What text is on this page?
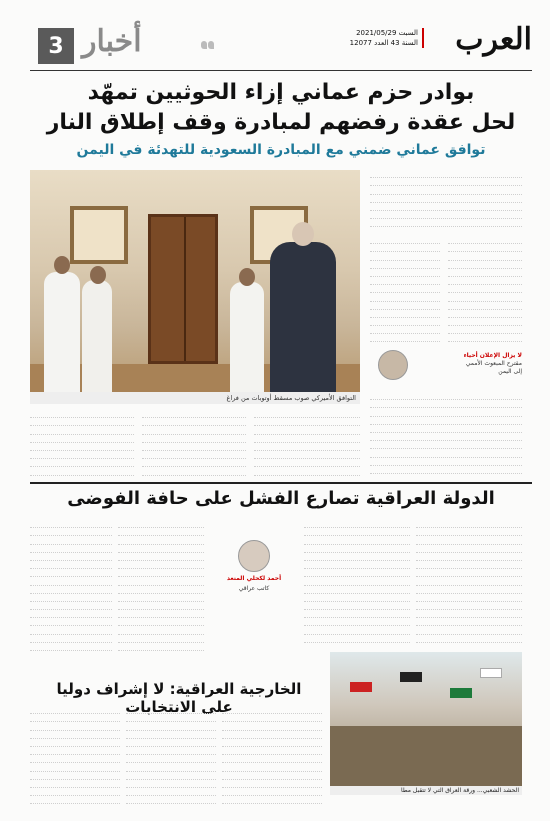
العرب
السبت 2021/05/29
السنة 43 العدد 12077
3 أخبار
بوادر حزم عماني إزاء الحوثيين تمهّد
لحل عقدة رفضهم لمبادرة وقف إطلاق النار
توافق عماني ضمني مع المبادرة السعودية للتهدئة في اليمن
التوافق الأميركي صوب مسقط أوتوبات من فراغ
لا يزال الإعلان أحياء
مقترح المبعوث الأممي
إلى اليمن
الدولة العراقية تصارع الفشل على حافة الفوضى
أحمد لكحلي المنعد
كاتب عراقي
الخارجية العراقية: لا إشراف دوليا على الانتخابات
الحشد الشعبي... ورقة العراق التي لا تتقبل مطا
